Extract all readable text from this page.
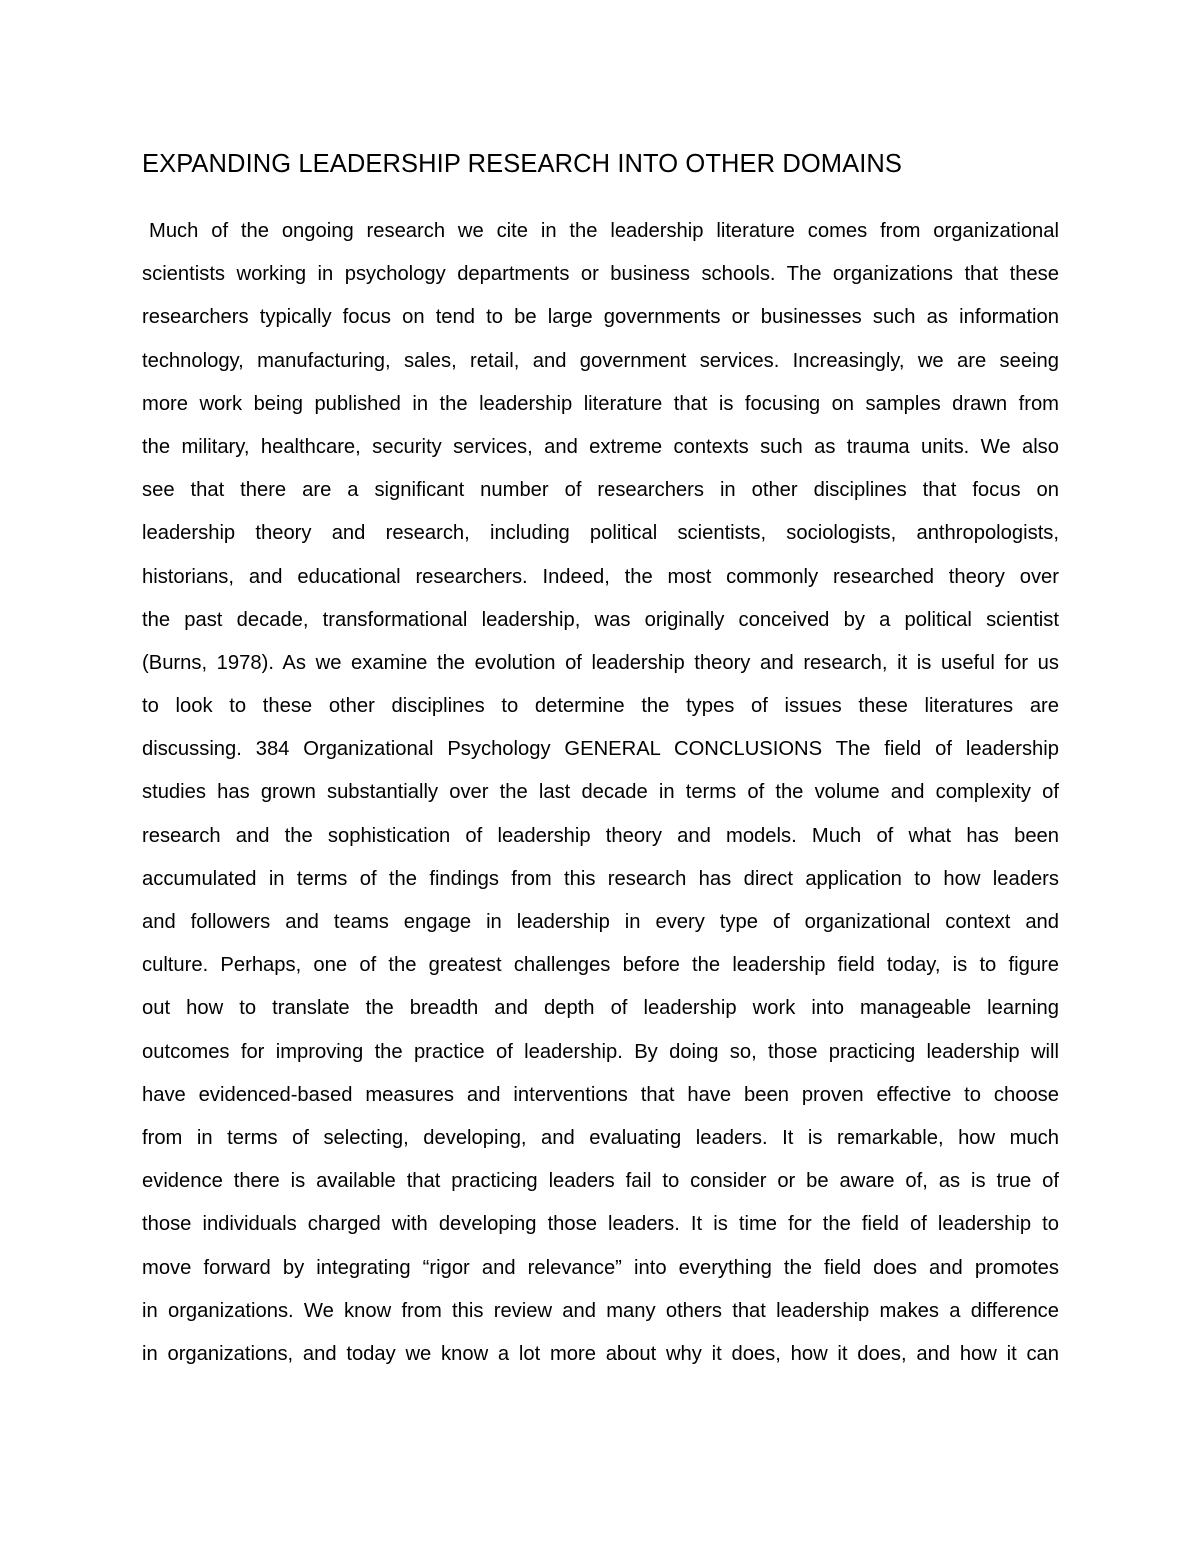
EXPANDING LEADERSHIP RESEARCH INTO OTHER DOMAINS
Much of the ongoing research we cite in the leadership literature comes from organizational
scientists working in psychology departments or business schools. The organizations that these
researchers typically focus on tend to be large governments or businesses such as information
technology, manufacturing, sales, retail, and government services. Increasingly, we are seeing
more work being published in the leadership literature that is focusing on samples drawn from
the military, healthcare, security services, and extreme contexts such as trauma units. We also
see that there are a significant number of researchers in other disciplines that focus on
leadership theory and research, including political scientists, sociologists, anthropologists,
historians, and educational researchers. Indeed, the most commonly researched theory over
the past decade, transformational leadership, was originally conceived by a political scientist
(Burns, 1978). As we examine the evolution of leadership theory and research, it is useful for us
to look to these other disciplines to determine the types of issues these literatures are
discussing. 384 Organizational Psychology GENERAL CONCLUSIONS The field of leadership
studies has grown substantially over the last decade in terms of the volume and complexity of
research and the sophistication of leadership theory and models. Much of what has been
accumulated in terms of the findings from this research has direct application to how leaders
and followers and teams engage in leadership in every type of organizational context and
culture. Perhaps, one of the greatest challenges before the leadership field today, is to figure
out how to translate the breadth and depth of leadership work into manageable learning
outcomes for improving the practice of leadership. By doing so, those practicing leadership will
have evidenced-based measures and interventions that have been proven effective to choose
from in terms of selecting, developing, and evaluating leaders. It is remarkable, how much
evidence there is available that practicing leaders fail to consider or be aware of, as is true of
those individuals charged with developing those leaders. It is time for the field of leadership to
move forward by integrating “rigor and relevance” into everything the field does and promotes
in organizations. We know from this review and many others that leadership makes a difference
in organizations, and today we know a lot more about why it does, how it does, and how it can
